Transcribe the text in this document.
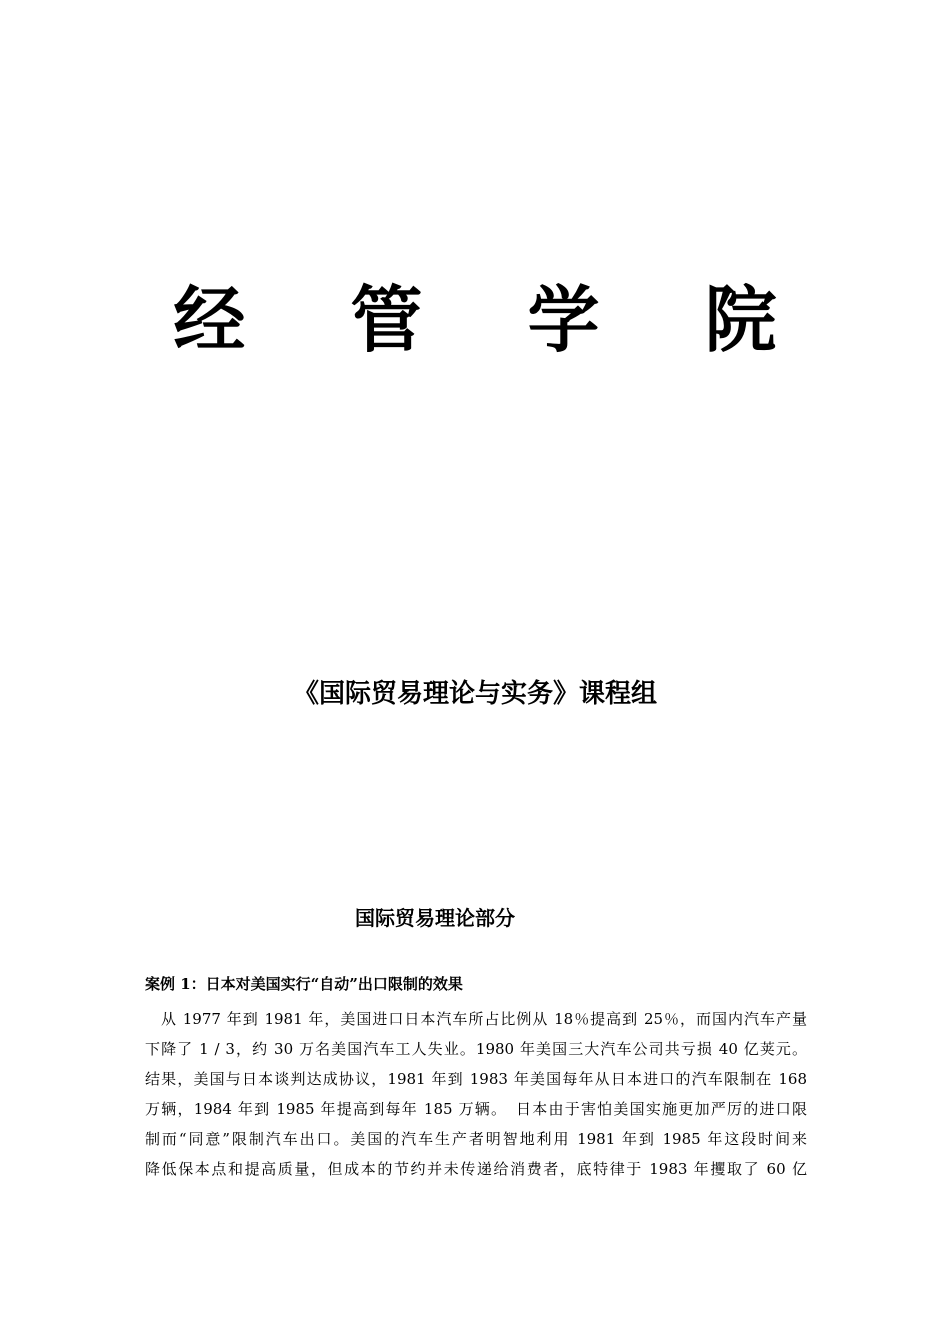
经 管 学 院
《国际贸易理论与实务》课程组
国际贸易理论部分
案例 1：日本对美国实行“自动”出口限制的效果
从 1977 年到 1981 年，美国进口日本汽车所占比例从 18％提高到 25％，而国内汽车产量
下降了 1 / 3，约 30 万名美国汽车工人失业。1980 年美国三大汽车公司共亏损 40 亿荚元。
结果，美国与日本谈判达成协议，1981 年到 1983 年美国每年从日本进口的汽车限制在 168
万辆，1984 年到 1985 年提高到每年 185 万辆。　日本由于害怕美国实施更加严厉的进口限
制而“同意”限制汽车出口。美国的汽车生产者明智地利用 1981 年到 1985 年这段时间来
降低保本点和提高质量，但成本的节约并未传递给消费者，底特律于 1983 年攫取了 60 亿
